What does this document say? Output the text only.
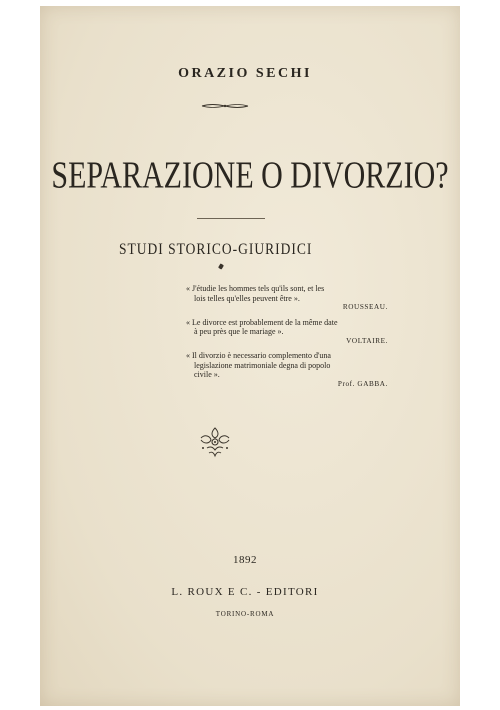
ORAZIO SECHI
SEPARAZIONE O DIVORZIO?
STUDI STORICO-GIURIDICI
« J'étudie les hommes tels qu'ils sont, et les
lois telles qu'elles peuvent être ».
ROUSSEAU.
« Le divorce est probablement de la même date
à peu près que le mariage ».
VOLTAIRE.
« Il divorzio è necessario complemento d'una
legislazione matrimoniale degna di popolo
civile ».
Prof. GABBA.
1892
L. ROUX E C. - EDITORI
TORINO-ROMA
